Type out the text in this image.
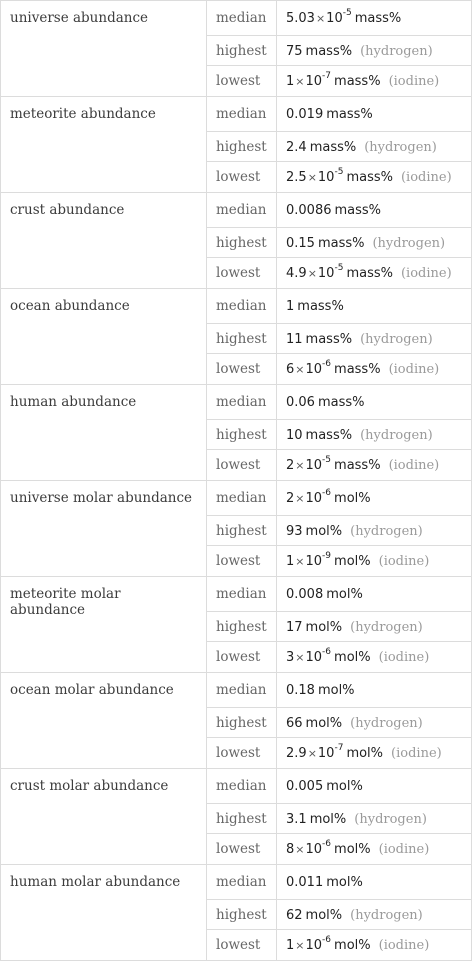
universe abundance	median	$5.03\times 10^{-5}$ mass%
	highest	75 mass% (hydrogen)
	lowest	$1\times 10^{-7}$ mass% (iodine)
meteorite abundance	median	0.019 mass%
	highest	2.4 mass% (hydrogen)
	lowest	$2.5\times 10^{-5}$ mass% (iodine)
crust abundance	median	0.0086 mass%
	highest	0.15 mass% (hydrogen)
	lowest	$4.9\times 10^{-5}$ mass% (iodine)
ocean abundance	median	1 mass%
	highest	11 mass% (hydrogen)
	lowest	$6\times 10^{-6}$ mass% (iodine)
human abundance	median	0.06 mass%
	highest	10 mass% (hydrogen)
	lowest	$2\times 10^{-5}$ mass% (iodine)
universe molar abundance	median	$2\times 10^{-6}$ mol%
	highest	93 mol% (hydrogen)
	lowest	$1\times 10^{-9}$ mol% (iodine)
meteorite molar abundance	median	0.008 mol%
	highest	17 mol% (hydrogen)
	lowest	$3\times 10^{-6}$ mol% (iodine)
ocean molar abundance	median	0.18 mol%
	highest	66 mol% (hydrogen)
	lowest	$2.9\times 10^{-7}$ mol% (iodine)
crust molar abundance	median	0.005 mol%
	highest	3.1 mol% (hydrogen)
	lowest	$8\times 10^{-6}$ mol% (iodine)
human molar abundance	median	0.011 mol%
	highest	62 mol% (hydrogen)
	lowest	$1\times 10^{-6}$ mol% (iodine)
